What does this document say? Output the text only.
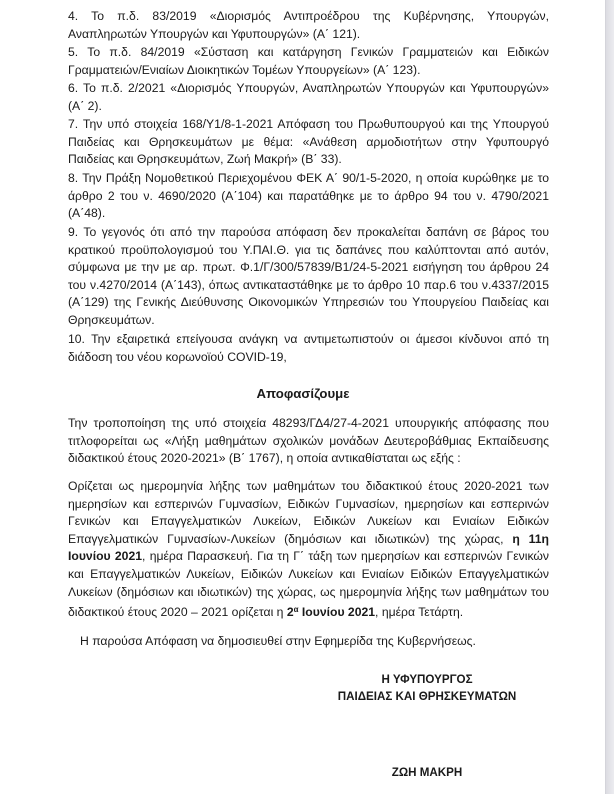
4. Το π.δ. 83/2019 «Διορισμός Αντιπροέδρου της Κυβέρνησης, Υπουργών, Αναπληρωτών Υπουργών και Υφυπουργών» (Α΄ 121).

5. Το π.δ. 84/2019 «Σύσταση και κατάργηση Γενικών Γραμματειών και Ειδικών Γραμματειών/Ενιαίων Διοικητικών Τομέων Υπουργείων» (Α΄ 123).

6. Το π.δ. 2/2021 «Διορισμός Υπουργών, Αναπληρωτών Υπουργών και Υφυπουργών» (Α΄ 2).

7. Την υπό στοιχεία 168/Υ1/8-1-2021 Απόφαση του Πρωθυπουργού και της Υπουργού Παιδείας και Θρησκευμάτων με θέμα: «Ανάθεση αρμοδιοτήτων στην Υφυπουργό Παιδείας και Θρησκευμάτων, Ζωή Μακρή» (Β΄ 33).

8. Την Πράξη Νομοθετικού Περιεχομένου ΦΕΚ Α΄ 90/1-5-2020, η οποία κυρώθηκε με το άρθρο 2 του ν. 4690/2020 (Α΄104) και παρατάθηκε με το άρθρο 94 του ν. 4790/2021 (Α΄48).

9. Το γεγονός ότι από την παρούσα απόφαση δεν προκαλείται δαπάνη σε βάρος του κρατικού προϋπολογισμού του Υ.ΠΑΙ.Θ. για τις δαπάνες που καλύπτονται από αυτόν, σύμφωνα με την με αρ. πρωτ. Φ.1/Γ/300/57839/Β1/24-5-2021 εισήγηση του άρθρου 24 του ν.4270/2014 (Α΄143), όπως αντικαταστάθηκε με το άρθρο 10 παρ.6 του ν.4337/2015 (Α΄129) της Γενικής Διεύθυνσης Οικονομικών Υπηρεσιών του Υπουργείου Παιδείας και Θρησκευμάτων.

10. Την εξαιρετικά επείγουσα ανάγκη να αντιμετωπιστούν οι άμεσοι κίνδυνοι από τη διάδοση του νέου κορωνοϊού COVID-19,

Αποφασίζουμε

Την τροποποίηση της υπό στοιχεία 48293/ΓΔ4/27-4-2021 υπουργικής απόφασης που τιτλοφορείται ως «Λήξη μαθημάτων σχολικών μονάδων Δευτεροβάθμιας Εκπαίδευσης διδακτικού έτους 2020-2021» (Β΄ 1767), η οποία αντικαθίσταται ως εξής :

Ορίζεται ως ημερομηνία λήξης των μαθημάτων του διδακτικού έτους 2020-2021 των ημερησίων και εσπερινών Γυμνασίων, Ειδικών Γυμνασίων, ημερησίων και εσπερινών Γενικών και Επαγγελματικών Λυκείων, Ειδικών Λυκείων και Ενιαίων Ειδικών Επαγγελματικών Γυμνασίων-Λυκείων (δημόσιων και ιδιωτικών) της χώρας, η 11η Ιουνίου 2021, ημέρα Παρασκευή. Για τη Γ΄ τάξη των ημερησίων και εσπερινών Γενικών και Επαγγελματικών Λυκείων, Ειδικών Λυκείων και Ενιαίων Ειδικών Επαγγελματικών Λυκείων (δημόσιων και ιδιωτικών) της χώρας, ως ημερομηνία λήξης των μαθημάτων του διδακτικού έτους 2020 – 2021 ορίζεται η $2^\alpha$ Ιουνίου 2021, ημέρα Τετάρτη.

Η παρούσα Απόφαση να δημοσιευθεί στην Εφημερίδα της Κυβερνήσεως.
Η ΥΦΥΠΟΥΡΓΟΣ
ΠΑΙΔΕΙΑΣ ΚΑΙ ΘΡΗΣΚΕΥΜΑΤΩΝ
ΖΩΗ ΜΑΚΡΗ
